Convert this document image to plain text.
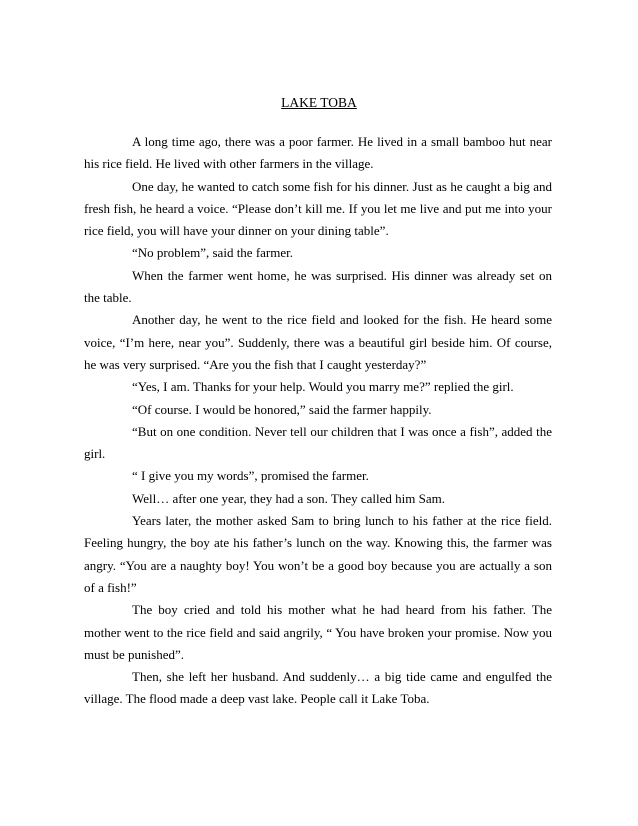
LAKE TOBA

A long time ago, there was a poor farmer. He lived in a small bamboo hut near his rice field. He lived with other farmers in the village.

One day, he wanted to catch some fish for his dinner. Just as he caught a big and fresh fish, he heard a voice. “Please don’t kill me. If you let me live and put me into your rice field, you will have your dinner on your dining table”.

“No problem”, said the farmer.

When the farmer went home, he was surprised. His dinner was already set on the table.

Another day, he went to the rice field and looked for the fish. He heard some voice, “I’m here, near you”. Suddenly, there was a beautiful girl beside him. Of course, he was very surprised. “Are you the fish that I caught yesterday?”

“Yes, I am. Thanks for your help. Would you marry me?” replied the girl.

“Of course. I would be honored,” said the farmer happily.

“But on one condition. Never tell our children that I was once a fish”, added the girl.

“ I give you my words”, promised the farmer.

Well… after one year, they had a son. They called him Sam.

Years later, the mother asked Sam to bring lunch to his father at the rice field. Feeling hungry, the boy ate his father’s lunch on the way. Knowing this, the farmer was angry. “You are a naughty boy! You won’t be a good boy because you are actually a son of a fish!”

The boy cried and told his mother what he had heard from his father. The mother went to the rice field and said angrily, “ You have broken your promise. Now you must be punished”.

Then, she left her husband. And suddenly… a big tide came and engulfed the village. The flood made a deep vast lake. People call it Lake Toba.
